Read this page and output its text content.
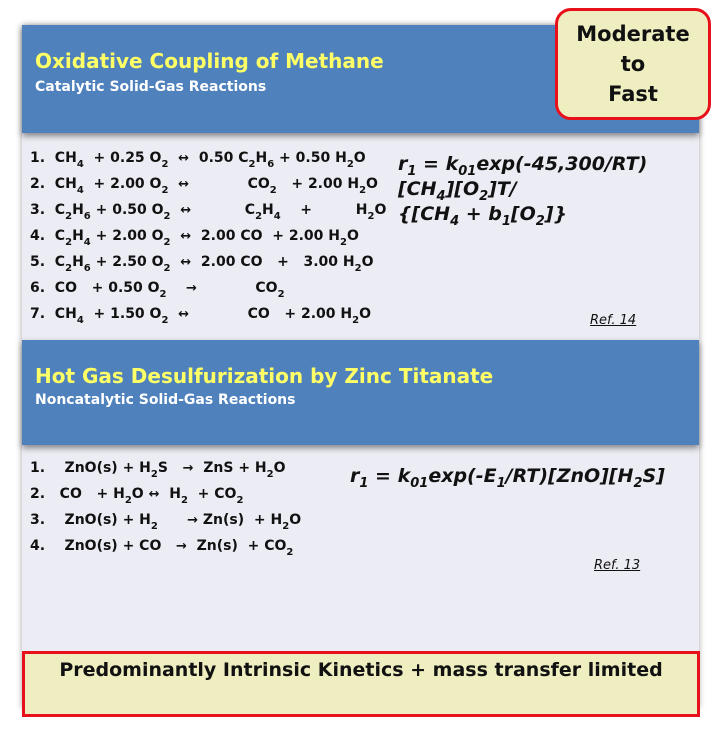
Oxidative Coupling of Methane
Catalytic Solid-Gas Reactions
Moderate
to
Fast
1.  $CH_4 + 0.25$ $O_2$ ↔  0.50 $C_2H_6 + 0.50$ $H_2O$
2.  $CH_4 + 2.00$ $O_2$ ↔            $CO_2 + 2.00$ $H_2O$
3.  $C_2H_6 + 0.50$ $O_2$ ↔           $C_2H_4$    +         $H_2O$
4.  $C_2H_4 + 2.00$ $O_2$ ↔  2.00 CO  + 2.00 $H_2O$
5.  $C_2H_6 + 2.50$ $O_2$ ↔  2.00 CO   +   3.00 $H_2O$
6.  CO   + 0.50 $O_2$ →            $CO_2$
7.  $CH_4 + 1.50$ $O_2$ ↔            CO   + 2.00 $H_2O$
$r_1 = k_{01}\exp(-45,300/RT)$
$[CH_4][O_2]T/$
{$[CH_4 + b_1[O_2]\}$
Ref. 14
Hot Gas Desulfurization by Zinc Titanate
Noncatalytic Solid-Gas Reactions
1.    $ZnO(s) + H_2S$   →  ZnS + $H_2O$
2.   CO   + $H_2O$ ↔  $H_2 + CO_2$
3.    $ZnO(s) + H_2 \to Zn(s) + H_2O$
4.    ZnO(s) + CO   →  $Zn(s) + CO_2$
$r_1 = k_{01}\exp(-E_1/RT)[ZnO][H_2S]$
Ref. 13
Predominantly Intrinsic Kinetics + mass transfer limited
